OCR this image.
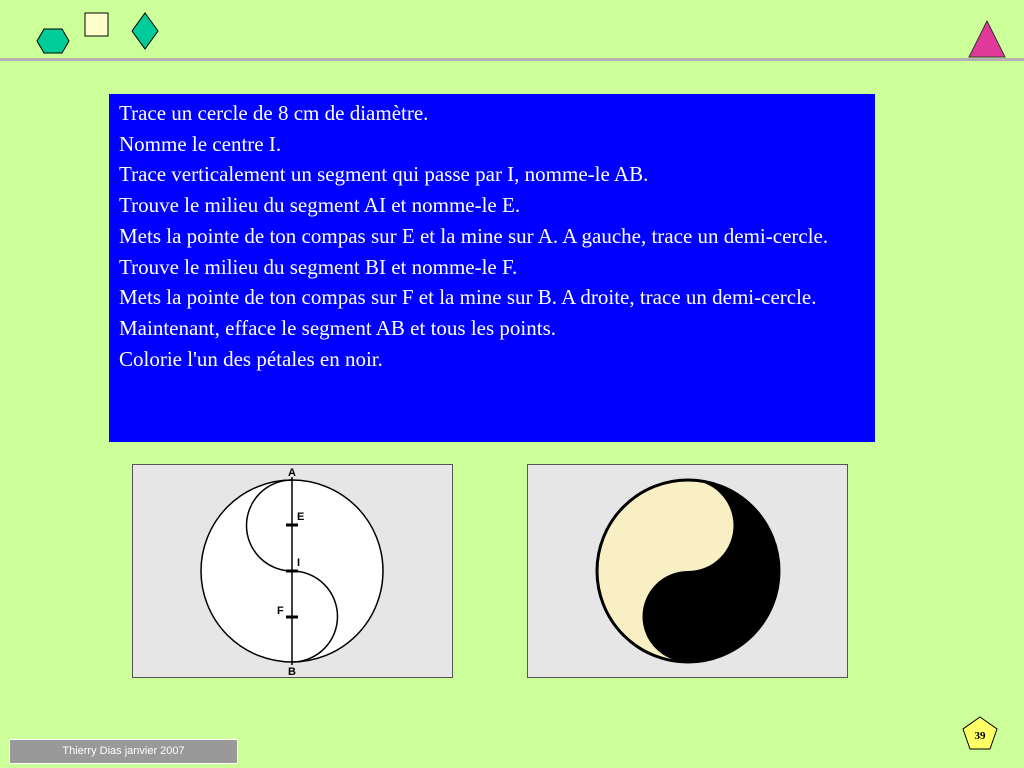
Trace un cercle de 8 cm de diamètre.
Nomme le centre I.
Trace verticalement un segment qui passe par I, nomme-le AB.
Trouve le milieu du segment AI et nomme-le E.
Mets la pointe de ton compas sur E et la mine sur A. A gauche, trace un demi-cercle.
Trouve le milieu du segment BI et nomme-le F.
Mets la pointe de ton compas sur F et la mine sur B. A droite, trace un demi-cercle.
Maintenant, efface le segment AB et tous les points.
Colorie l'un des pétales en noir.
A
E
I
F
B
39
Thierry Dias janvier 2007
